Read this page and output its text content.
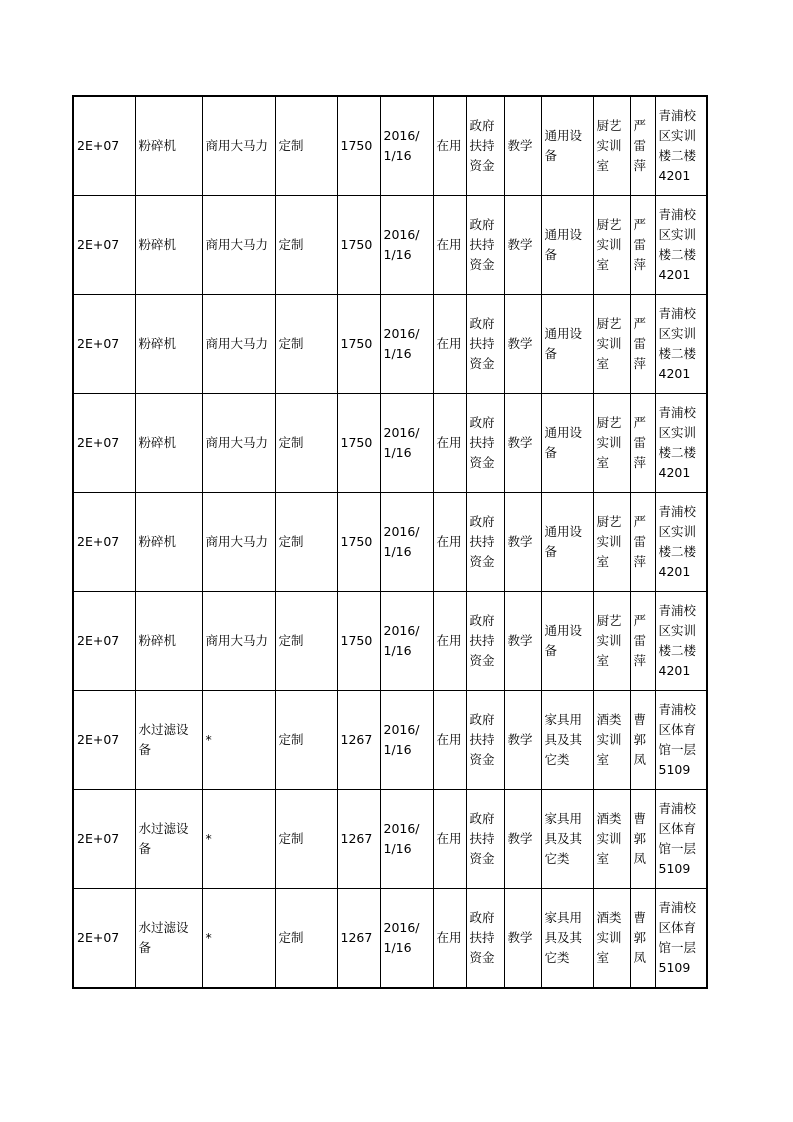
2E+07	粉碎机	商用大马力	定制	1750	2016/1/16	在用	政府扶持资金	教学	通用设备	厨艺实训室	严雷萍	青浦校区实训楼二楼4201
2E+07	粉碎机	商用大马力	定制	1750	2016/1/16	在用	政府扶持资金	教学	通用设备	厨艺实训室	严雷萍	青浦校区实训楼二楼4201
2E+07	粉碎机	商用大马力	定制	1750	2016/1/16	在用	政府扶持资金	教学	通用设备	厨艺实训室	严雷萍	青浦校区实训楼二楼4201
2E+07	粉碎机	商用大马力	定制	1750	2016/1/16	在用	政府扶持资金	教学	通用设备	厨艺实训室	严雷萍	青浦校区实训楼二楼4201
2E+07	粉碎机	商用大马力	定制	1750	2016/1/16	在用	政府扶持资金	教学	通用设备	厨艺实训室	严雷萍	青浦校区实训楼二楼4201
2E+07	粉碎机	商用大马力	定制	1750	2016/1/16	在用	政府扶持资金	教学	通用设备	厨艺实训室	严雷萍	青浦校区实训楼二楼4201
2E+07	水过滤设备	*	定制	1267	2016/1/16	在用	政府扶持资金	教学	家具用具及其它类	酒类实训室	曹郭凤	青浦校区体育馆一层5109
2E+07	水过滤设备	*	定制	1267	2016/1/16	在用	政府扶持资金	教学	家具用具及其它类	酒类实训室	曹郭凤	青浦校区体育馆一层5109
2E+07	水过滤设备	*	定制	1267	2016/1/16	在用	政府扶持资金	教学	家具用具及其它类	酒类实训室	曹郭凤	青浦校区体育馆一层5109
